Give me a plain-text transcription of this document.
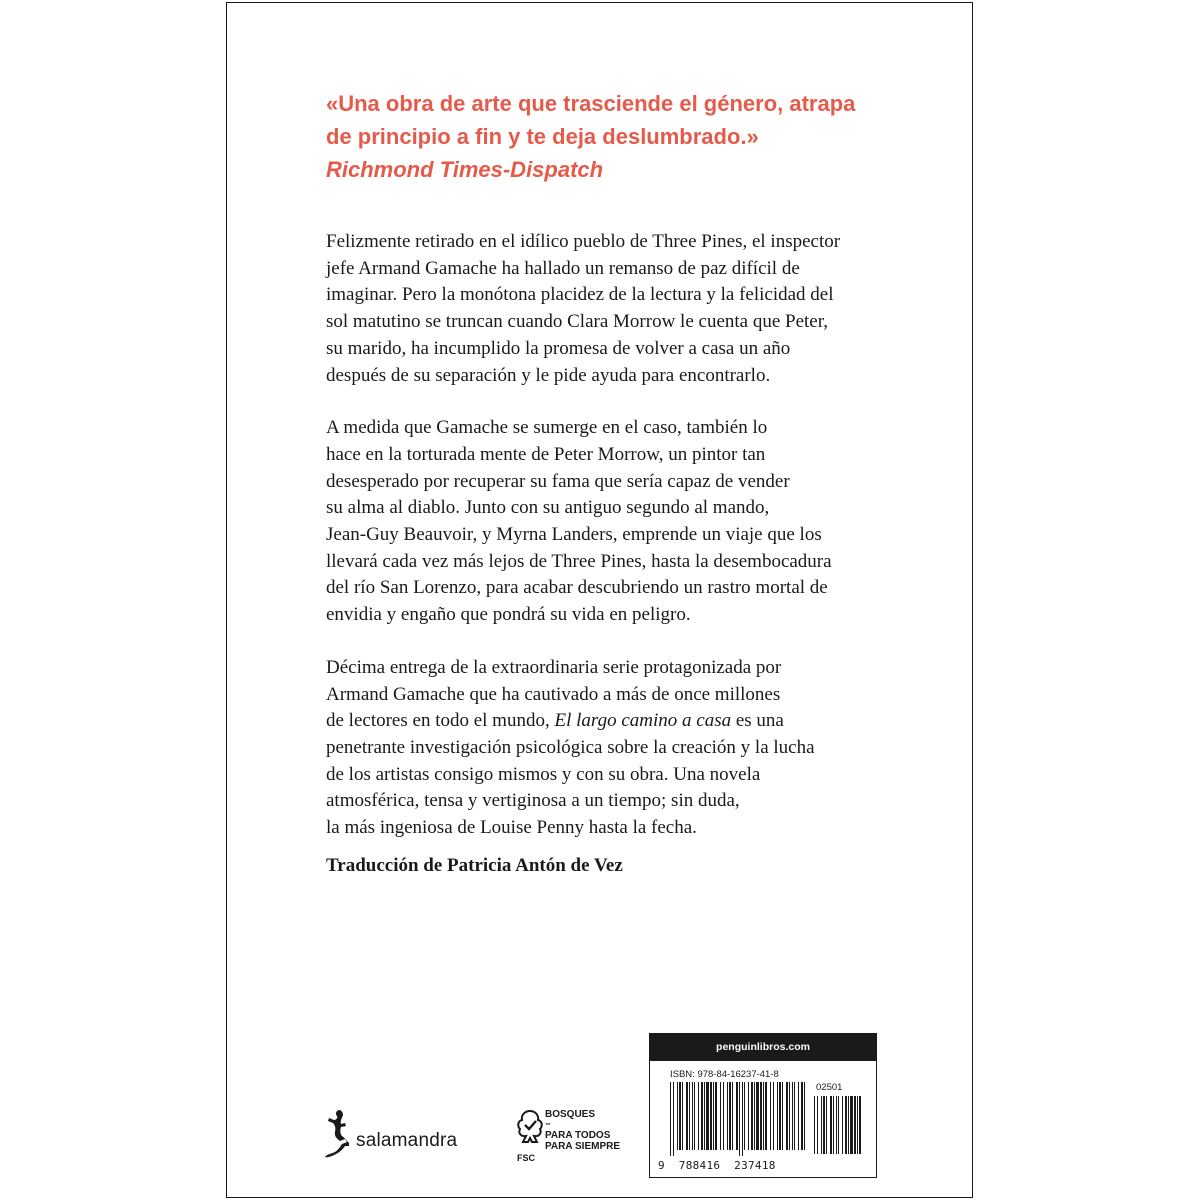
«Una obra de arte que trasciende el género, atrapa
de principio a fin y te deja deslumbrado.»
Richmond Times-Dispatch

Felizmente retirado en el idílico pueblo de Three Pines, el inspector
jefe Armand Gamache ha hallado un remanso de paz difícil de
imaginar. Pero la monótona placidez de la lectura y la felicidad del
sol matutino se truncan cuando Clara Morrow le cuenta que Peter,
su marido, ha incumplido la promesa de volver a casa un año
después de su separación y le pide ayuda para encontrarlo.

A medida que Gamache se sumerge en el caso, también lo
hace en la torturada mente de Peter Morrow, un pintor tan
desesperado por recuperar su fama que sería capaz de vender
su alma al diablo. Junto con su antiguo segundo al mando,
Jean-Guy Beauvoir, y Myrna Landers, emprende un viaje que los
llevará cada vez más lejos de Three Pines, hasta la desembocadura
del río San Lorenzo, para acabar descubriendo un rastro mortal de
envidia y engaño que pondrá su vida en peligro.

Décima entrega de la extraordinaria serie protagonizada por
Armand Gamache que ha cautivado a más de once millones
de lectores en todo el mundo, El largo camino a casa es una
penetrante investigación psicológica sobre la creación y la lucha
de los artistas consigo mismos y con su obra. Una novela
atmosférica, tensa y vertiginosa a un tiempo; sin duda,
la más ingeniosa de Louise Penny hasta la fecha.

Traducción de Patricia Antón de Vez
salamandra
FSC
BOSQUES
™
PARA TODOS
PARA SIEMPRE
penguinlibros.com
ISBN: 978-84-16237-41-8
02501
9  788416  237418
